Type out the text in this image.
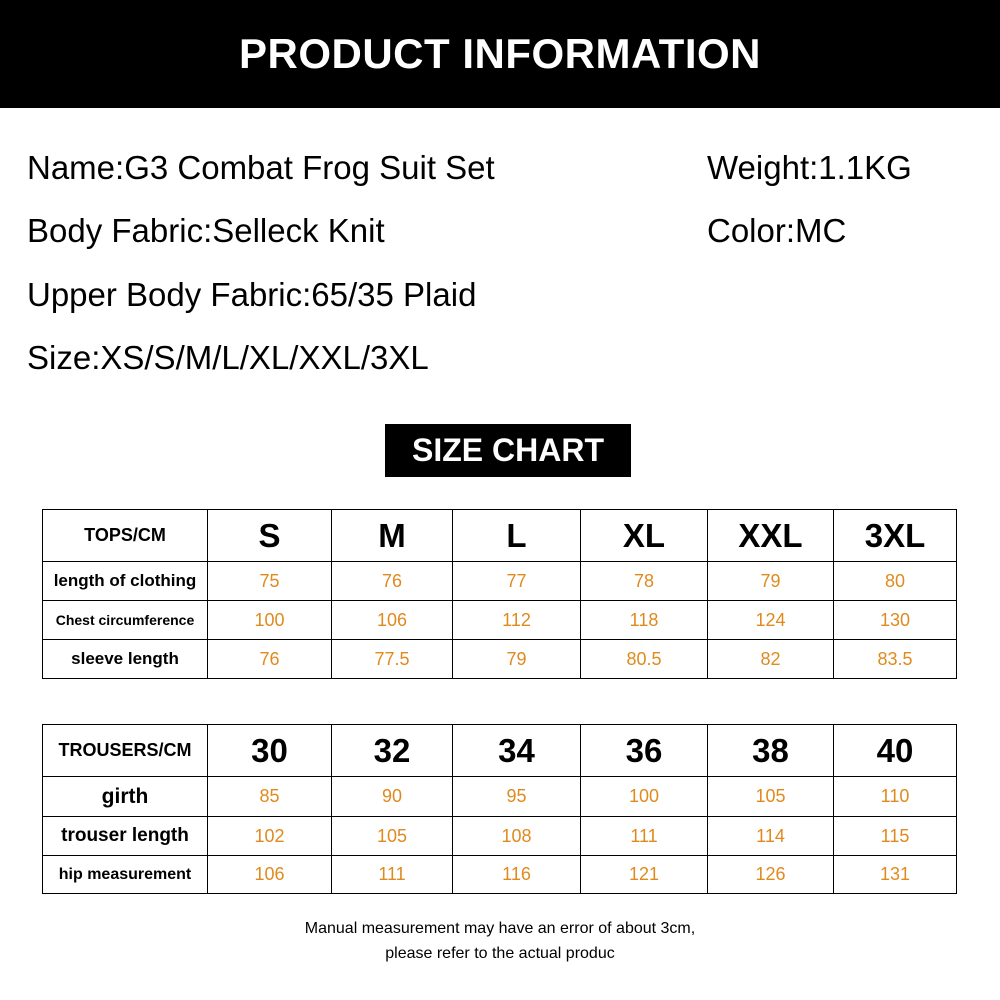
PRODUCT INFORMATION
Name:G3 Combat Frog Suit Set	Weight:1.1KG
Body Fabric:Selleck Knit	Color:MC
Upper Body Fabric:65/35 Plaid
Size:XS/S/M/L/XL/XXL/3XL
SIZE CHART
TOPS/CM	S	M	L	XL	XXL	3XL
length of clothing	75	76	77	78	79	80
Chest circumference	100	106	112	118	124	130
sleeve length	76	77.5	79	80.5	82	83.5
TROUSERS/CM	30	32	34	36	38	40
girth	85	90	95	100	105	110
trouser length	102	105	108	111	114	115
hip measurement	106	111	116	121	126	131
Manual measurement may have an error of about 3cm,
please refer to the actual produc
